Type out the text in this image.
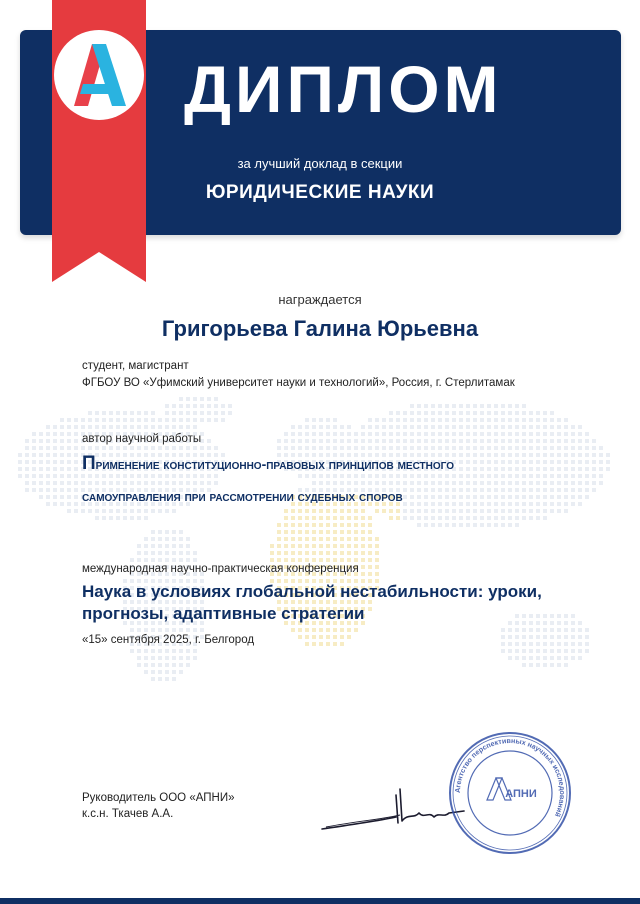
ДИПЛОМ
за лучший доклад в секции
ЮРИДИЧЕСКИЕ НАУКИ
награждается
Григорьева Галина Юрьевна
студент, магистрант
ФГБОУ ВО «Уфимский университет науки и технологий», Россия, г. Стерлитамак
автор научной работы
Применение конституционно-правовых принципов местного самоуправления при рассмотрении судебных споров
международная научно-практическая конференция
Наука в условиях глобальной нестабильности: уроки, прогнозы, адаптивные стратегии
«15» сентября 2025, г. Белгород
Руководитель ООО «АПНИ»
к.с.н. Ткачев А.А.
Агентство перспективных научных исследований
АПНИ
